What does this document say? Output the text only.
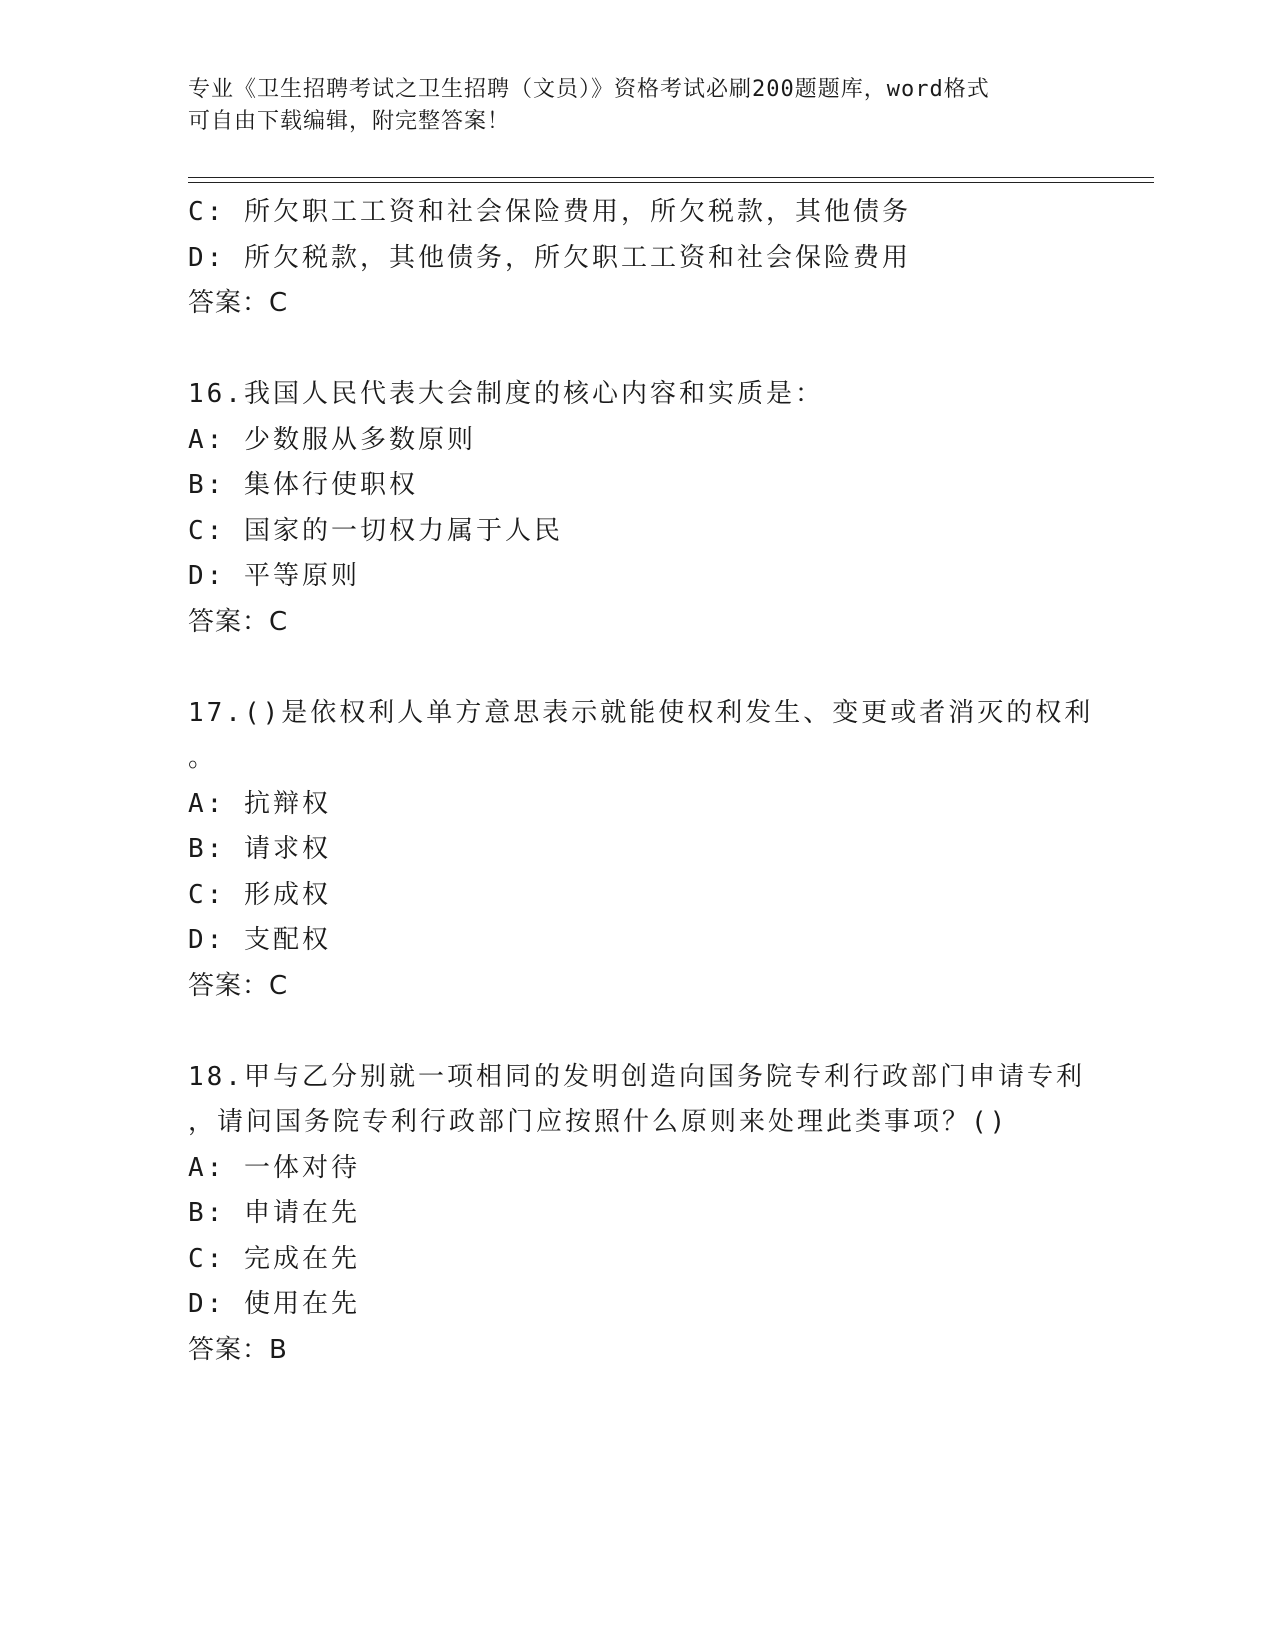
专业《卫生招聘考试之卫生招聘（文员）》资格考试必刷200题题库，word格式
可自由下载编辑，附完整答案！
C: 所欠职工工资和社会保险费用，所欠税款，其他债务
D: 所欠税款，其他债务，所欠职工工资和社会保险费用
答案：C
16.我国人民代表大会制度的核心内容和实质是：
A: 少数服从多数原则
B: 集体行使职权
C: 国家的一切权力属于人民
D: 平等原则
答案：C
17.()是依权利人单方意思表示就能使权利发生、变更或者消灭的权利
。
A: 抗辩权
B: 请求权
C: 形成权
D: 支配权
答案：C
18.甲与乙分别就一项相同的发明创造向国务院专利行政部门申请专利
，请问国务院专利行政部门应按照什么原则来处理此类事项？()
A: 一体对待
B: 申请在先
C: 完成在先
D: 使用在先
答案：B
